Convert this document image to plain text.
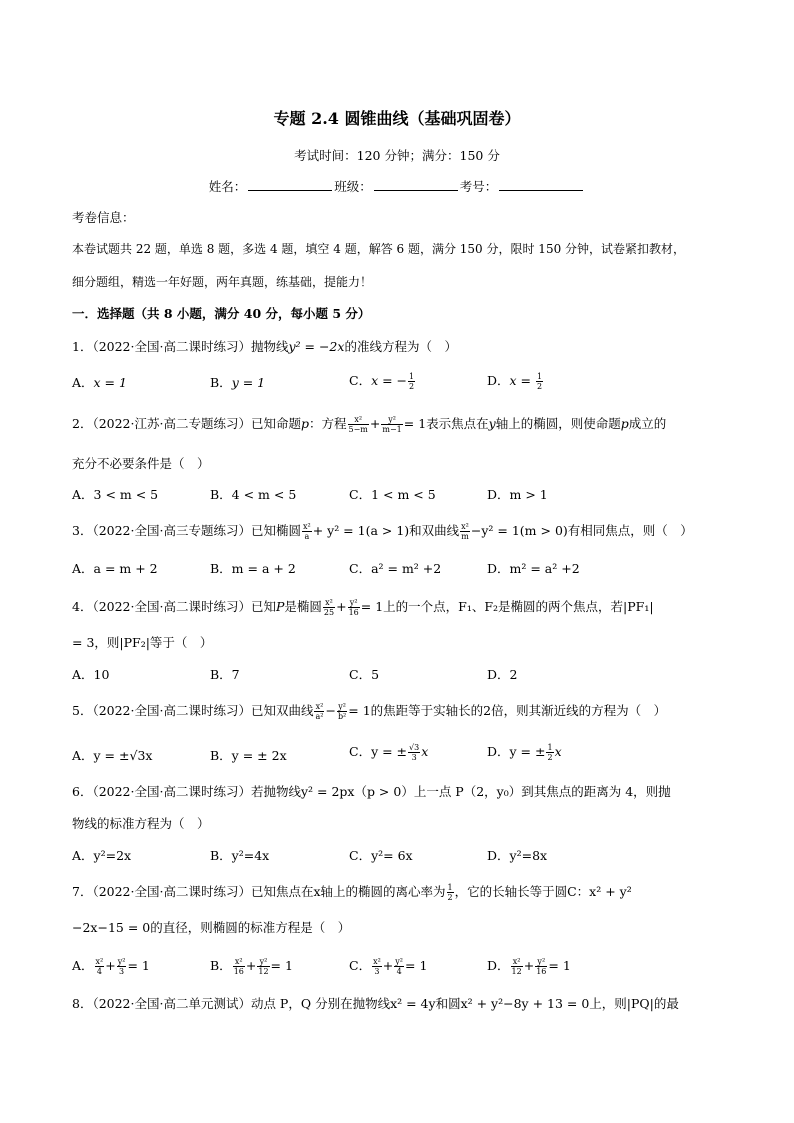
专题 2.4 圆锥曲线（基础巩固卷）
考试时间：120 分钟；满分：150 分
姓名：	班级：	考号：
考卷信息：
本卷试题共 22 题，单选 8 题，多选 4 题，填空 4 题，解答 6 题，满分 150 分，限时 150 分钟，试卷紧扣教材，
细分题组，精选一年好题，两年真题，练基础，提能力！
一．选择题（共 8 小题，满分 40 分，每小题 5 分）
1．（2022·全国·高二课时练习）抛物线y² = −2x的准线方程为（　）
A．x = 1	B．y = 1	C．x = − $\frac{1}{2}$	D．$x = \frac{1}{2}$
2．（2022·江苏·高二专题练习）已知命题p：方程 $\frac{\text{x²}}{5-m} + \frac{\text{y²}}{m-1} = 1$表示焦点在y轴上的椭圆，则使命题p成立的
充分不必要条件是（　）
A．3 < m < 5	B．4 < m < 5	C．1 < m < 5	D．m > 1
3．（2022·全国·高三专题练习）已知椭圆 $\frac{\text{x²}}{a} + y^2 = 1(a > 1)$和双曲线 $\frac{\text{x²}}{m} -y^2 = 1(m > 0)$有相同焦点，则（　）
A．a = m + 2	B．m = a + 2	C．a² = m² +2	D．m² = a² +2
4．（2022·全国·高二课时练习）已知P是椭圆 $\frac{\text{x²}}{25} + \frac{\text{y²}}{16} = 1$上的一个点，F₁、F₂是椭圆的两个焦点，若|PF₁|
= 3，则|PF₂|等于（　）
A．10	B．7	C．5	D．2
5．（2022·全国·高二课时练习）已知双曲线 $\frac{\text{x²}}{\text{a²}} - \frac{\text{y²}}{\text{b²}} = 1$的焦距等于实轴长的2倍，则其渐近线的方程为（　）
A．y = ±√3x	B．y = ± 2x	C．y = ± $\frac{√3}{3}$ x	D．y = ± $\frac{1}{2}$ x
6．（2022·全国·高二课时练习）若抛物线y² = 2px（p > 0）上一点 P（2，y₀）到其焦点的距离为 4，则抛
物线的标准方程为（　）
A．y²=2x	B．y²=4x	C．y²= 6x	D．y²=8x
7．（2022·全国·高二课时练习）已知焦点在x轴上的椭圆的离心率为 $\frac{1}{2}$ ，它的长轴长等于圆C：x² + y²
−2x−15 = 0的直径，则椭圆的标准方程是（　）
A． $\frac{\text{x²}}{4} + \frac{\text{y²}}{3} = 1$	B． $\frac{\text{x²}}{16} + \frac{\text{y²}}{12} = 1$	C． $\frac{\text{x²}}{3} + \frac{\text{y²}}{4} = 1$	D． $\frac{\text{x²}}{12} + \frac{\text{y²}}{16} = 1$
8．（2022·全国·高二单元测试）动点 P，Q 分别在抛物线x² = 4y和圆x² + y²−8y + 13 = 0上，则|PQ|的最
